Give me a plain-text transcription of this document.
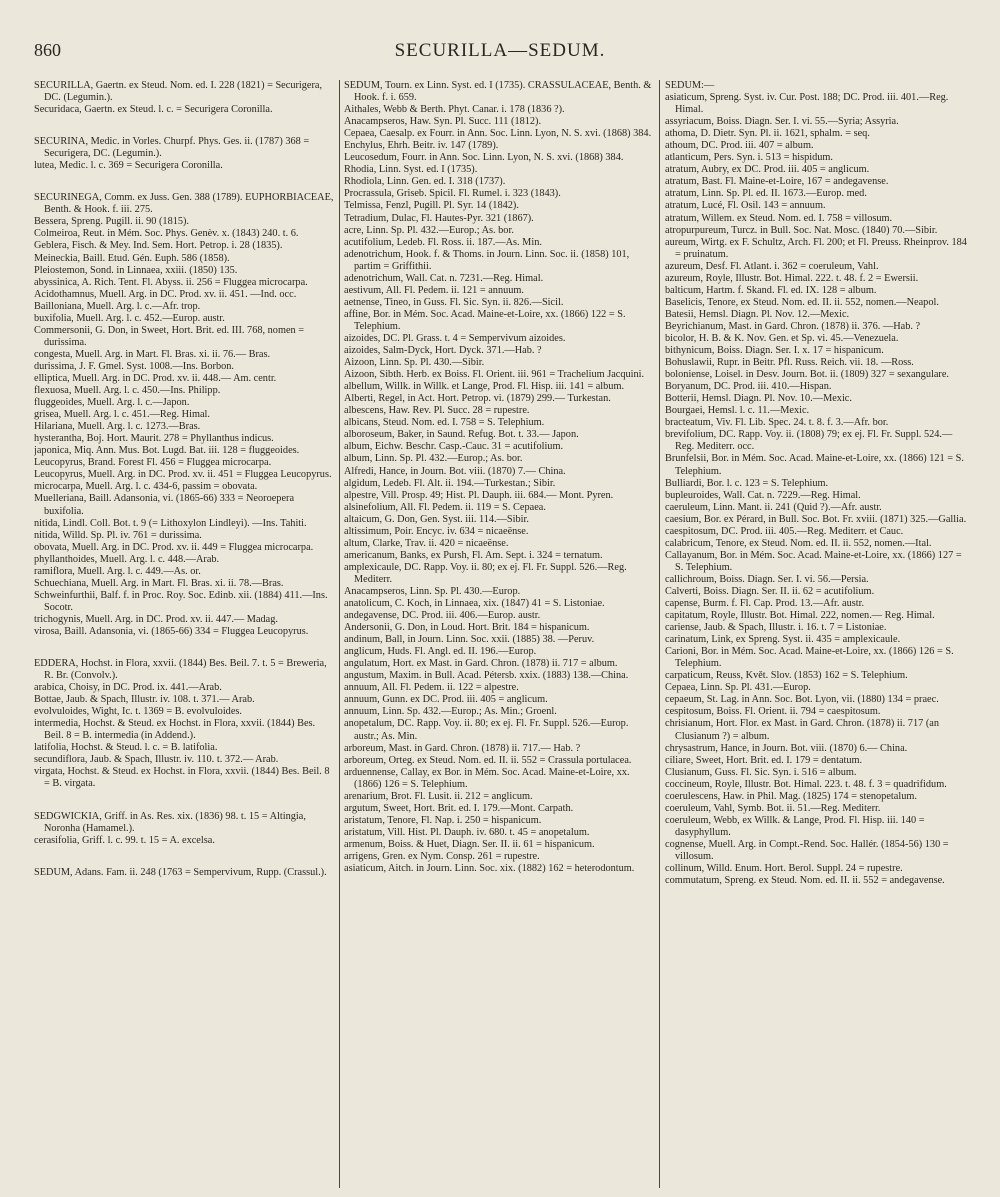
860	SECURILLA—SEDUM.

SECURILLA, Gaertn. ex Steud. Nom. ed. I. 228 (1821) = Securigera, DC. (Legumin.).

Securidaca, Gaertn. ex Steud. l. c. = Securigera Coronilla.

SECURINA, Medic. in Vorles. Churpf. Phys. Ges. ii. (1787) 368 = Securigera, DC. (Legumin.).

lutea, Medic. l. c. 369 = Securigera Coronilla.

SECURINEGA, Comm. ex Juss. Gen. 388 (1789). EUPHORBIACEAE, Benth. & Hook. f. iii. 275.

Bessera, Spreng. Pugill. ii. 90 (1815).

Colmeiroa, Reut. in Mém. Soc. Phys. Genèv. x. (1843) 240. t. 6.

Geblera, Fisch. & Mey. Ind. Sem. Hort. Petrop. i. 28 (1835).

Meineckia, Baill. Etud. Gén. Euph. 586 (1858).

Pleiostemon, Sond. in Linnaea, xxiii. (1850) 135.

abyssinica, A. Rich. Tent. Fl. Abyss. ii. 256 = Fluggea microcarpa.

Acidothamnus, Muell. Arg. in DC. Prod. xv. ii. 451. —Ind. occ.

Bailloniana, Muell. Arg. l. c.—Afr. trop.

buxifolia, Muell. Arg. l. c. 452.—Europ. austr.

Commersonii, G. Don, in Sweet, Hort. Brit. ed. III. 768, nomen = durissima.

congesta, Muell. Arg. in Mart. Fl. Bras. xi. ii. 76.— Bras.

durissima, J. F. Gmel. Syst. 1008.—Ins. Borbon.

elliptica, Muell. Arg. in DC. Prod. xv. ii. 448.— Am. centr.

flexuosa, Muell. Arg. l. c. 450.—Ins. Philipp.

fluggeoides, Muell. Arg. l. c.—Japon.

grisea, Muell. Arg. l. c. 451.—Reg. Himal.

Hilariana, Muell. Arg. l. c. 1273.—Bras.

hysterantha, Boj. Hort. Maurit. 278 = Phyllanthus indicus.

japonica, Miq. Ann. Mus. Bot. Lugd. Bat. iii. 128 = fluggeoides.

Leucopyrus, Brand. Forest Fl. 456 = Fluggea microcarpa.

Leucopyrus, Muell. Arg. in DC. Prod. xv. ii. 451 = Fluggea Leucopyrus.

microcarpa, Muell. Arg. l. c. 434-6, passim = obovata.

Muelleriana, Baill. Adansonia, vi. (1865-66) 333 = Neoroepera buxifolia.

nitida, Lindl. Coll. Bot. t. 9 (= Lithoxylon Lindleyi). —Ins. Tahiti.

nitida, Willd. Sp. Pl. iv. 761 = durissima.

obovata, Muell. Arg. in DC. Prod. xv. ii. 449 = Fluggea microcarpa.

phyllanthoides, Muell. Arg. l. c. 448.—Arab.

ramiflora, Muell. Arg. l. c. 449.—As. or.

Schuechiana, Muell. Arg. in Mart. Fl. Bras. xi. ii. 78.—Bras.

Schweinfurthii, Balf. f. in Proc. Roy. Soc. Edinb. xii. (1884) 411.—Ins. Socotr.

trichogynis, Muell. Arg. in DC. Prod. xv. ii. 447.— Madag.

virosa, Baill. Adansonia, vi. (1865-66) 334 = Fluggea Leucopyrus.

EDDERA, Hochst. in Flora, xxvii. (1844) Bes. Beil. 7. t. 5 = Breweria, R. Br. (Convolv.).

arabica, Choisy, in DC. Prod. ix. 441.—Arab.

Bottae, Jaub. & Spach, Illustr. iv. 108. t. 371.— Arab.

evolvuloides, Wight, Ic. t. 1369 = B. evolvuloides.

intermedia, Hochst. & Steud. ex Hochst. in Flora, xxvii. (1844) Bes. Beil. 8 = B. intermedia (in Addend.).

latifolia, Hochst. & Steud. l. c. = B. latifolia.

secundiflora, Jaub. & Spach, Illustr. iv. 110. t. 372.— Arab.

virgata, Hochst. & Steud. ex Hochst. in Flora, xxvii. (1844) Bes. Beil. 8 = B. virgata.

SEDGWICKIA, Griff. in As. Res. xix. (1836) 98. t. 15 = Altingia, Noronha (Hamamel.).

cerasifolia, Griff. l. c. 99. t. 15 = A. excelsa.

SEDUM, Adans. Fam. ii. 248 (1763 = Sempervivum, Rupp. (Crassul.).

SEDUM, Tourn. ex Linn. Syst. ed. I (1735). CRASSULACEAE, Benth. & Hook. f. i. 659.

Aithales, Webb & Berth. Phyt. Canar. i. 178 (1836 ?).

Anacampseros, Haw. Syn. Pl. Succ. 111 (1812).

Cepaea, Caesalp. ex Fourr. in Ann. Soc. Linn. Lyon, N. S. xvi. (1868) 384.

Enchylus, Ehrh. Beitr. iv. 147 (1789).

Leucosedum, Fourr. in Ann. Soc. Linn. Lyon, N. S. xvi. (1868) 384.

Rhodia, Linn. Syst. ed. I (1735).

Rhodiola, Linn. Gen. ed. I. 318 (1737).

Procrassula, Griseb. Spicil. Fl. Rumel. i. 323 (1843).

Telmissa, Fenzl, Pugill. Pl. Syr. 14 (1842).

Tetradium, Dulac, Fl. Hautes-Pyr. 321 (1867).

acre, Linn. Sp. Pl. 432.—Europ.; As. bor.

acutifolium, Ledeb. Fl. Ross. ii. 187.—As. Min.

adenotrichum, Hook. f. & Thoms. in Journ. Linn. Soc. ii. (1858) 101, partim = Griffithii.

adenotrichum, Wall. Cat. n. 7231.—Reg. Himal.

aestivum, All. Fl. Pedem. ii. 121 = annuum.

aetnense, Tineo, in Guss. Fl. Sic. Syn. ii. 826.—Sicil.

affine, Bor. in Mém. Soc. Acad. Maine-et-Loire, xx. (1866) 122 = S. Telephium.

aizoides, DC. Pl. Grass. t. 4 = Sempervivum aizoides.

aizoides, Salm-Dyck, Hort. Dyck. 371.—Hab. ?

Aizoon, Linn. Sp. Pl. 430.—Sibir.

Aizoon, Sibth. Herb. ex Boiss. Fl. Orient. iii. 961 = Trachelium Jacquini.

albellum, Willk. in Willk. et Lange, Prod. Fl. Hisp. iii. 141 = album.

Alberti, Regel, in Act. Hort. Petrop. vi. (1879) 299.— Turkestan.

albescens, Haw. Rev. Pl. Succ. 28 = rupestre.

albicans, Steud. Nom. ed. I. 758 = S. Telephium.

alboroseum, Baker, in Saund. Refug. Bot. t. 33.— Japon.

album, Eichw. Beschr. Casp.-Cauc. 31 = acutifolium.

album, Linn. Sp. Pl. 432.—Europ.; As. bor.

Alfredi, Hance, in Journ. Bot. viii. (1870) 7.— China.

algidum, Ledeb. Fl. Alt. ii. 194.—Turkestan.; Sibir.

alpestre, Vill. Prosp. 49; Hist. Pl. Dauph. iii. 684.— Mont. Pyren.

alsinefolium, All. Fl. Pedem. ii. 119 = S. Cepaea.

altaicum, G. Don, Gen. Syst. iii. 114.—Sibir.

altissimum, Poir. Encyc. iv. 634 = nicaeënse.

altum, Clarke, Trav. ii. 420 = nicaeënse.

americanum, Banks, ex Pursh, Fl. Am. Sept. i. 324 = ternatum.

amplexicaule, DC. Rapp. Voy. ii. 80; ex ej. Fl. Fr. Suppl. 526.—Reg. Mediterr.

Anacampseros, Linn. Sp. Pl. 430.—Europ.

anatolicum, C. Koch, in Linnaea, xix. (1847) 41 = S. Listoniae.

andegavense, DC. Prod. iii. 406.—Europ. austr.

Andersonii, G. Don, in Loud. Hort. Brit. 184 = hispanicum.

andinum, Ball, in Journ. Linn. Soc. xxii. (1885) 38. —Peruv.

anglicum, Huds. Fl. Angl. ed. II. 196.—Europ.

angulatum, Hort. ex Mast. in Gard. Chron. (1878) ii. 717 = album.

angustum, Maxim. in Bull. Acad. Pétersb. xxix. (1883) 138.—China.

annuum, All. Fl. Pedem. ii. 122 = alpestre.

annuum, Gunn. ex DC. Prod. iii. 405 = anglicum.

annuum, Linn. Sp. 432.—Europ.; As. Min.; Groenl.

anopetalum, DC. Rapp. Voy. ii. 80; ex ej. Fl. Fr. Suppl. 526.—Europ. austr.; As. Min.

arboreum, Mast. in Gard. Chron. (1878) ii. 717.— Hab. ?

arboreum, Orteg. ex Steud. Nom. ed. II. ii. 552 = Crassula portulacea.

arduennense, Callay, ex Bor. in Mém. Soc. Acad. Maine-et-Loire, xx. (1866) 126 = S. Telephium.

arenarium, Brot. Fl. Lusit. ii. 212 = anglicum.

argutum, Sweet, Hort. Brit. ed. I. 179.—Mont. Carpath.

aristatum, Tenore, Fl. Nap. i. 250 = hispanicum.

aristatum, Vill. Hist. Pl. Dauph. iv. 680. t. 45 = anopetalum.

armenum, Boiss. & Huet, Diagn. Ser. II. ii. 61 = hispanicum.

arrigens, Gren. ex Nym. Consp. 261 = rupestre.

asiaticum, Aitch. in Journ. Linn. Soc. xix. (1882) 162 = heterodontum.

SEDUM:—

asiaticum, Spreng. Syst. iv. Cur. Post. 188; DC. Prod. iii. 401.—Reg. Himal.

assyriacum, Boiss. Diagn. Ser. I. vi. 55.—Syria; Assyria.

athoma, D. Dietr. Syn. Pl. ii. 1621, sphalm. = seq.

athoum, DC. Prod. iii. 407 = album.

atlanticum, Pers. Syn. i. 513 = hispidum.

atratum, Aubry, ex DC. Prod. iii. 405 = anglicum.

atratum, Bast. Fl. Maine-et-Loire, 167 = andegavense.

atratum, Linn. Sp. Pl. ed. II. 1673.—Europ. med.

atratum, Lucé, Fl. Osil. 143 = annuum.

atratum, Willem. ex Steud. Nom. ed. I. 758 = villosum.

atropurpureum, Turcz. in Bull. Soc. Nat. Mosc. (1840) 70.—Sibir.

aureum, Wirtg. ex F. Schultz, Arch. Fl. 200; et Fl. Preuss. Rheinprov. 184 = pruinatum.

azureum, Desf. Fl. Atlant. i. 362 = coeruleum, Vahl.

azureum, Royle, Illustr. Bot. Himal. 222. t. 48. f. 2 = Ewersii.

balticum, Hartm. f. Skand. Fl. ed. IX. 128 = album.

Baselicis, Tenore, ex Steud. Nom. ed. II. ii. 552, nomen.—Neapol.

Batesii, Hemsl. Diagn. Pl. Nov. 12.—Mexic.

Beyrichianum, Mast. in Gard. Chron. (1878) ii. 376. —Hab. ?

bicolor, H. B. & K. Nov. Gen. et Sp. vi. 45.—Venezuela.

bithynicum, Boiss. Diagn. Ser. I. x. 17 = hispanicum.

Bohuslawii, Rupr. in Beitr. Pfl. Russ. Reich. vii. 18. —Ross.

boloniense, Loisel. in Desv. Journ. Bot. ii. (1809) 327 = sexangulare.

Boryanum, DC. Prod. iii. 410.—Hispan.

Botterii, Hemsl. Diagn. Pl. Nov. 10.—Mexic.

Bourgaei, Hemsl. l. c. 11.—Mexic.

bracteatum, Viv. Fl. Lib. Spec. 24. t. 8. f. 3.—Afr. bor.

brevifolium, DC. Rapp. Voy. ii. (1808) 79; ex ej. Fl. Fr. Suppl. 524.—Reg. Mediterr. occ.

Brunfelsii, Bor. in Mém. Soc. Acad. Maine-et-Loire, xx. (1866) 121 = S. Telephium.

Bulliardi, Bor. l. c. 123 = S. Telephium.

bupleuroides, Wall. Cat. n. 7229.—Reg. Himal.

caeruleum, Linn. Mant. ii. 241 (Quid ?).—Afr. austr.

caesium, Bor. ex Pérard, in Bull. Soc. Bot. Fr. xviii. (1871) 325.—Gallia.

caespitosum, DC. Prod. iii. 405.—Reg. Mediterr. et Cauc.

calabricum, Tenore, ex Steud. Nom. ed. II. ii. 552, nomen.—Ital.

Callayanum, Bor. in Mém. Soc. Acad. Maine-et-Loire, xx. (1866) 127 = S. Telephium.

callichroum, Boiss. Diagn. Ser. I. vi. 56.—Persia.

Calverti, Boiss. Diagn. Ser. II. ii. 62 = acutifolium.

capense, Burm. f. Fl. Cap. Prod. 13.—Afr. austr.

capitatum, Royle, Illustr. Bot. Himal. 222, nomen.— Reg. Himal.

cariense, Jaub. & Spach, Illustr. i. 16. t. 7 = Listoniae.

carinatum, Link, ex Spreng. Syst. ii. 435 = amplexicaule.

Carioni, Bor. in Mém. Soc. Acad. Maine-et-Loire, xx. (1866) 126 = S. Telephium.

carpaticum, Reuss, Květ. Slov. (1853) 162 = S. Telephium.

Cepaea, Linn. Sp. Pl. 431.—Europ.

cepaeum, St. Lag. in Ann. Soc. Bot. Lyon, vii. (1880) 134 = praec.

cespitosum, Boiss. Fl. Orient. ii. 794 = caespitosum.

chrisianum, Hort. Flor. ex Mast. in Gard. Chron. (1878) ii. 717 (an Clusianum ?) = album.

chrysastrum, Hance, in Journ. Bot. viii. (1870) 6.— China.

ciliare, Sweet, Hort. Brit. ed. I. 179 = dentatum.

Clusianum, Guss. Fl. Sic. Syn. i. 516 = album.

coccineum, Royle, Illustr. Bot. Himal. 223. t. 48. f. 3 = quadrifidum.

coerulescens, Haw. in Phil. Mag. (1825) 174 = stenopetalum.

coeruleum, Vahl, Symb. Bot. ii. 51.—Reg. Mediterr.

coeruleum, Webb, ex Willk. & Lange, Prod. Fl. Hisp. iii. 140 = dasyphyllum.

cognense, Muell. Arg. in Compt.-Rend. Soc. Hallér. (1854-56) 130 = villosum.

collinum, Willd. Enum. Hort. Berol. Suppl. 24 = rupestre.

commutatum, Spreng. ex Steud. Nom. ed. II. ii. 552 = andegavense.
